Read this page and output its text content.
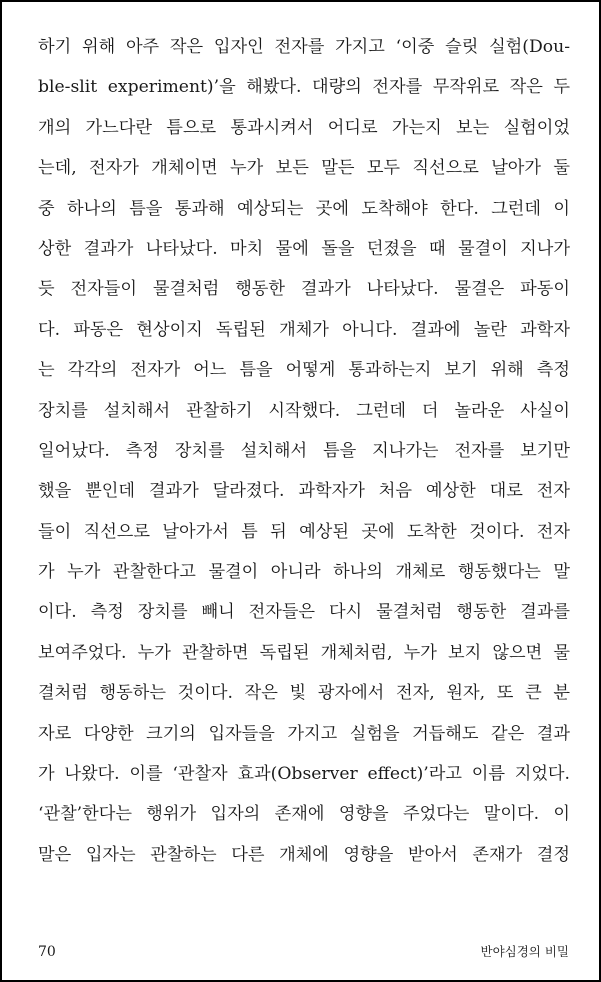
하기 위해 아주 작은 입자인 전자를 가지고 ‘이중 슬릿 실험(Dou-
ble-slit experiment)’을 해봤다. 대량의 전자를 무작위로 작은 두
개의 가느다란 틈으로 통과시켜서 어디로 가는지 보는 실험이었
는데, 전자가 개체이면 누가 보든 말든 모두 직선으로 날아가 둘
중 하나의 틈을 통과해 예상되는 곳에 도착해야 한다. 그런데 이
상한 결과가 나타났다. 마치 물에 돌을 던졌을 때 물결이 지나가
듯 전자들이 물결처럼 행동한 결과가 나타났다. 물결은 파동이
다. 파동은 현상이지 독립된 개체가 아니다. 결과에 놀란 과학자
는 각각의 전자가 어느 틈을 어떻게 통과하는지 보기 위해 측정
장치를 설치해서 관찰하기 시작했다. 그런데 더 놀라운 사실이
일어났다. 측정 장치를 설치해서 틈을 지나가는 전자를 보기만
했을 뿐인데 결과가 달라졌다. 과학자가 처음 예상한 대로 전자
들이 직선으로 날아가서 틈 뒤 예상된 곳에 도착한 것이다. 전자
가 누가 관찰한다고 물결이 아니라 하나의 개체로 행동했다는 말
이다. 측정 장치를 빼니 전자들은 다시 물결처럼 행동한 결과를
보여주었다. 누가 관찰하면 독립된 개체처럼, 누가 보지 않으면 물
결처럼 행동하는 것이다. 작은 빛 광자에서 전자, 원자, 또 큰 분
자로 다양한 크기의 입자들을 가지고 실험을 거듭해도 같은 결과
가 나왔다. 이를 ‘관찰자 효과(Observer effect)’라고 이름 지었다.
‘관찰’한다는 행위가 입자의 존재에 영향을 주었다는 말이다. 이
말은 입자는 관찰하는 다른 개체에 영향을 받아서 존재가 결정
70	반야심경의 비밀
